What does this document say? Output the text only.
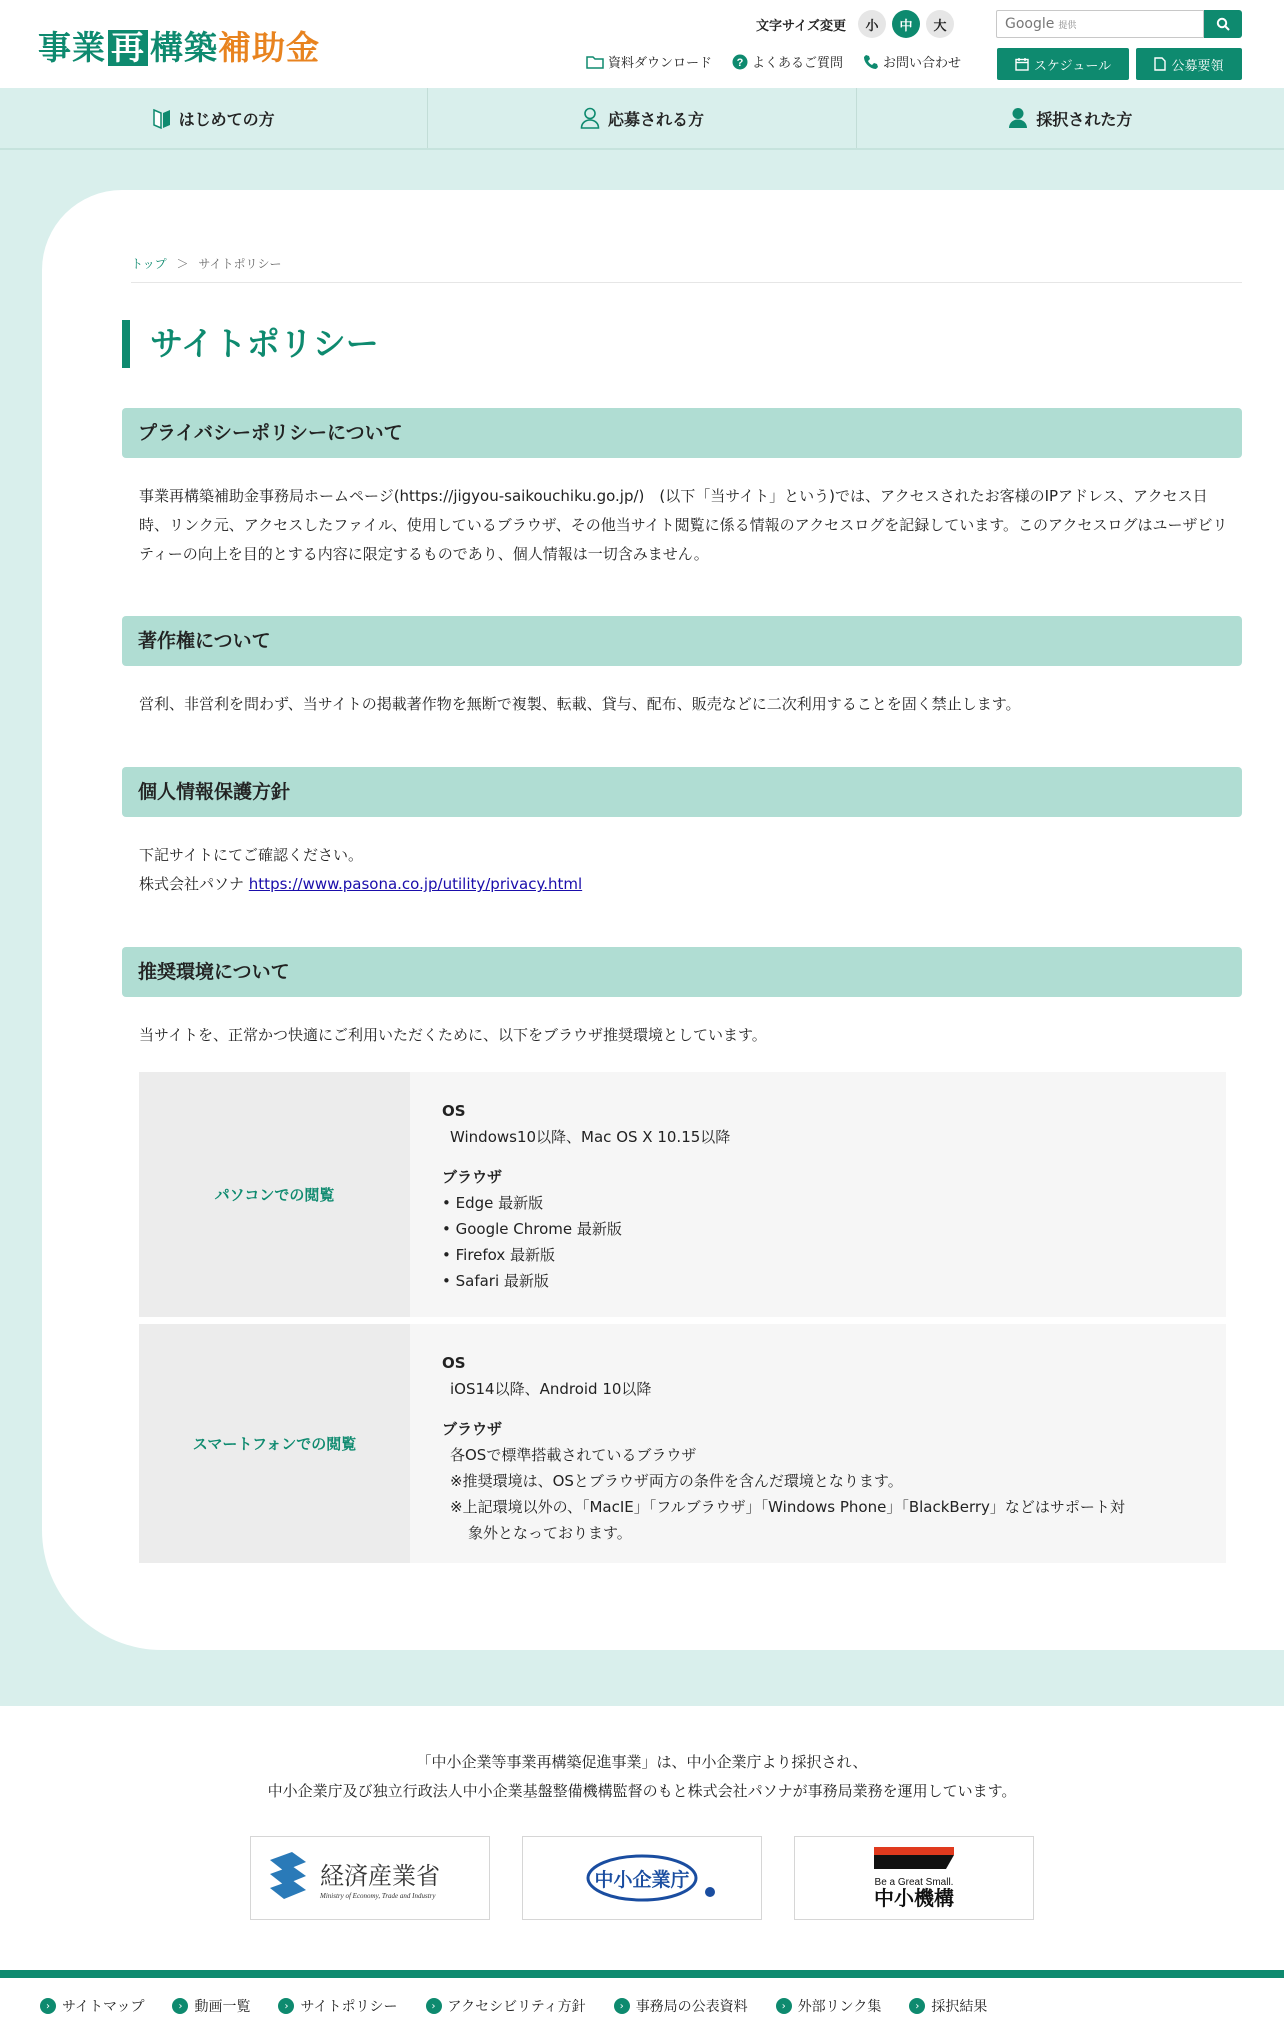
事業 再 構築補助金
文字サイズ変更	小	中	大	Google 提供
資料ダウンロード ? よくあるご質問	お問い合わせ	スケジュール	公募要領
はじめての方	応募される方	採択された方
トップ ＞ サイトポリシー
サイトポリシー
プライバシーポリシーについて

事業再構築補助金事務局ホームページ(https://jigyou-saikouchiku.go.jp/)　(以下「当サイト」という)では、アクセスされたお客様のIPアドレス、アクセス日時、リンク元、アクセスしたファイル、使用しているブラウザ、その他当サイト閲覧に係る情報のアクセスログを記録しています。このアクセスログはユーザビリティーの向上を目的とする内容に限定するものであり、個人情報は一切含みません。

著作権について

営利、非営利を問わず、当サイトの掲載著作物を無断で複製、転載、貸与、配布、販売などに二次利用することを固く禁止します。

個人情報保護方針
下記サイトにてご確認ください。
株式会社パソナ https://www.pasona.co.jp/utility/privacy.html
推奨環境について

当サイトを、正常かつ快適にご利用いただくために、以下をブラウザ推奨環境としています。

パソコンでの閲覧
OS
Windows10以降、Mac OS X 10.15以降
ブラウザ
• Edge 最新版
• Google Chrome 最新版
• Firefox 最新版
• Safari 最新版
スマートフォンでの閲覧
OS
iOS14以降、Android 10以降
ブラウザ
各OSで標準搭載されているブラウザ
※推奨環境は、OSとブラウザ両方の条件を含んだ環境となります。
※上記環境以外の、「MacIE」「フルブラウザ」「Windows Phone」「BlackBerry」などはサポート対
象外となっております。
「中小企業等事業再構築促進事業」は、中小企業庁より採択され、
中小企業庁及び独立行政法人中小企業基盤整備機構監督のもと株式会社パソナが事務局業務を運用しています。
経済産業省
Ministry of Economy, Trade and Industry
中小企業庁	Be a Great Small.
中小機構
› サイトマップ	› 動画一覧	› サイトポリシー	› アクセシビリティ方針	› 事務局の公表資料	› 外部リンク集	› 採択結果
